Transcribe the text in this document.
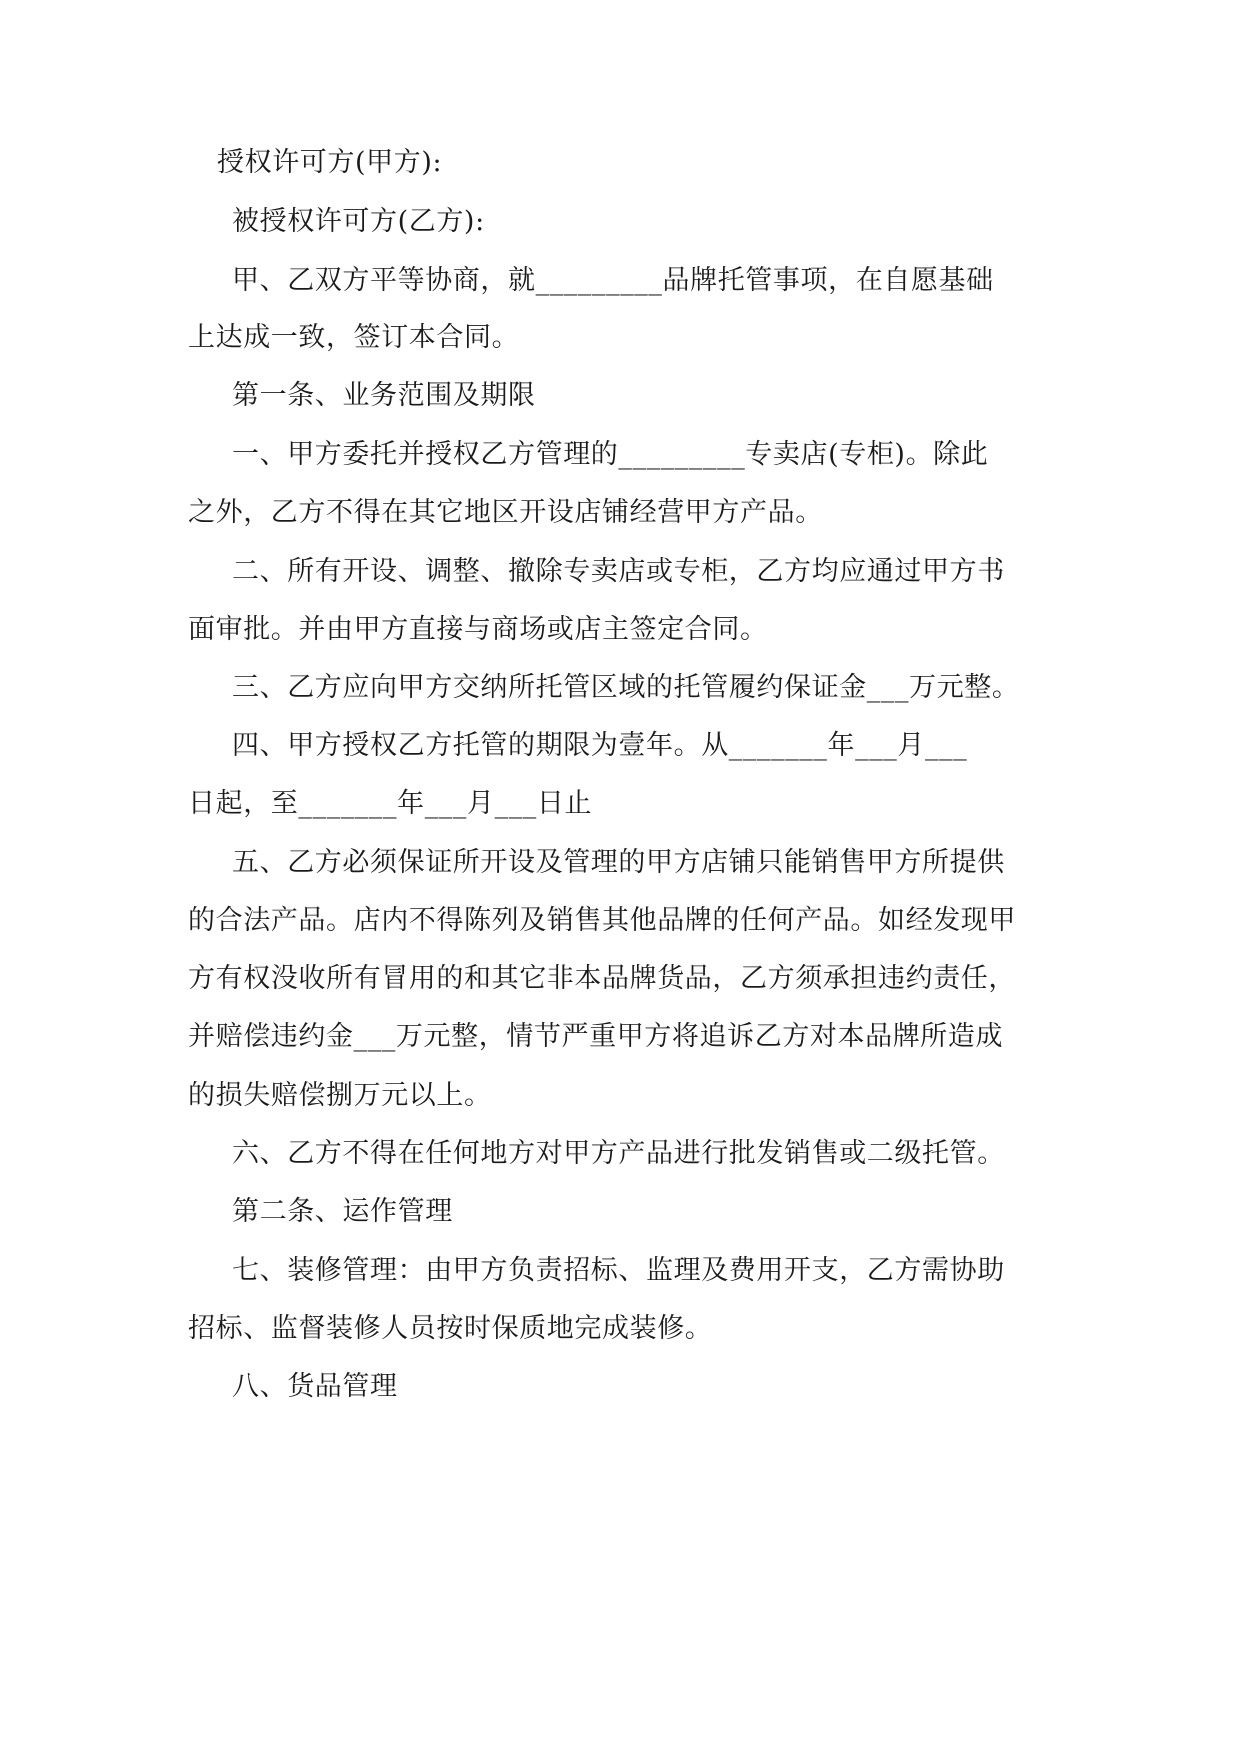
授权许可方(甲方):

被授权许可方(乙方):

甲、乙双方平等协商，就_________品牌托管事项，在自愿基础

上达成一致，签订本合同。

第一条、业务范围及期限

一、甲方委托并授权乙方管理的_________专卖店(专柜)。除此

之外，乙方不得在其它地区开设店铺经营甲方产品。

二、所有开设、调整、撤除专卖店或专柜，乙方均应通过甲方书

面审批。并由甲方直接与商场或店主签定合同。

三、乙方应向甲方交纳所托管区域的托管履约保证金___万元整。

四、甲方授权乙方托管的期限为壹年。从_______年___月___

日起，至_______年___月___日止

五、乙方必须保证所开设及管理的甲方店铺只能销售甲方所提供

的合法产品。店内不得陈列及销售其他品牌的任何产品。如经发现甲

方有权没收所有冒用的和其它非本品牌货品，乙方须承担违约责任，

并赔偿违约金___万元整，情节严重甲方将追诉乙方对本品牌所造成

的损失赔偿捌万元以上。

六、乙方不得在任何地方对甲方产品进行批发销售或二级托管。

第二条、运作管理

七、装修管理：由甲方负责招标、监理及费用开支，乙方需协助

招标、监督装修人员按时保质地完成装修。

八、货品管理
